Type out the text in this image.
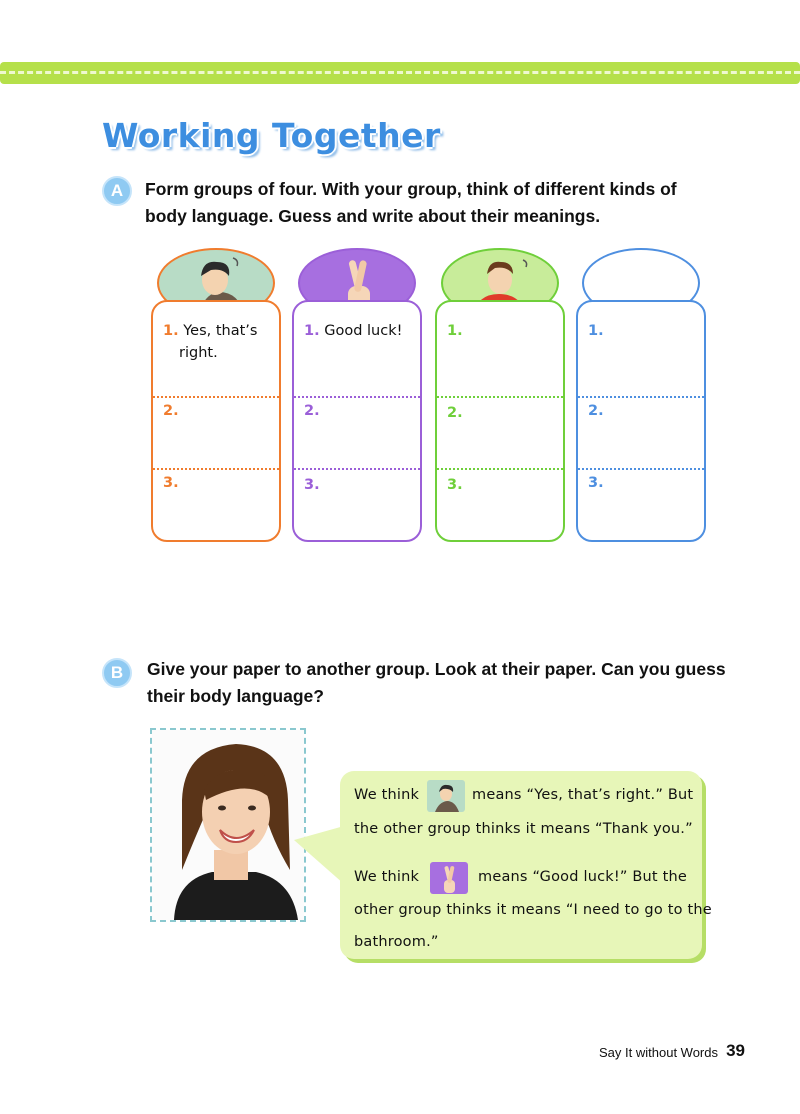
Working Together
A	Form groups of four. With your group, think of different kinds of
body language. Guess and write about their meanings.

1. Yes, that’s
right.
2.
3.
1. Good luck!
2.
3.
1.
2.
3.
1.
2.
3.
B	Give your paper to another group. Look at their paper. Can you guess
their body language?

We think	means “Yes, that’s right.” But
the other group thinks it means “Thank you.”
We think	means “Good luck!” But the
other group thinks it means “I need to go to the
bathroom.”
Say It without Words 39
